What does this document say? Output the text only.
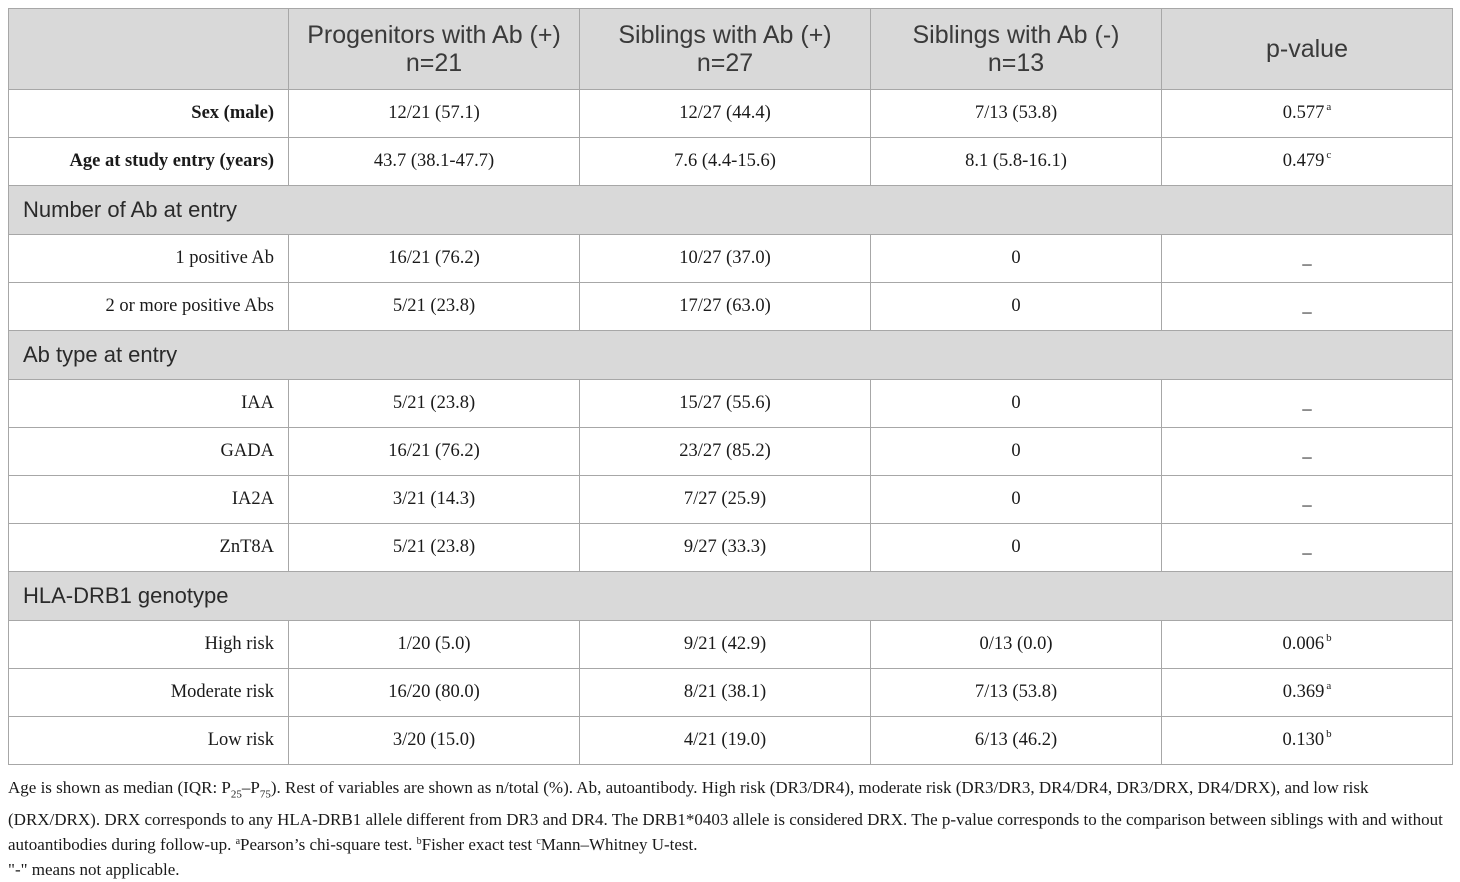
	Progenitors with Ab (+) n=21	Siblings with Ab (+) n=27	Siblings with Ab (-) n=13	p-value
Sex (male)	12/21 (57.1)	12/27 (44.4)	7/13 (53.8)	0.577 $^a$
Age at study entry (years)	43.7 (38.1-47.7)	7.6 (4.4-15.6)	8.1 (5.8-16.1)	0.479 $^c$
Number of Ab at entry				
1 positive Ab	16/21 (76.2)	10/27 (37.0)	0	_
2 or more positive Abs	5/21 (23.8)	17/27 (63.0)	0	_
Ab type at entry				
IAA	5/21 (23.8)	15/27 (55.6)	0	_
GADA	16/21 (76.2)	23/27 (85.2)	0	_
IA2A	3/21 (14.3)	7/27 (25.9)	0	_
ZnT8A	5/21 (23.8)	9/27 (33.3)	0	_
HLA-DRB1 genotype				
High risk	1/20 (5.0)	9/21 (42.9)	0/13 (0.0)	0.006 $^b$
Moderate risk	16/20 (80.0)	8/21 (38.1)	7/13 (53.8)	0.369 $^a$
Low risk	3/20 (15.0)	4/21 (19.0)	6/13 (46.2)	0.130 $^b$
Age is shown as median (IQR: $P_{25}-P_{75}$). Rest of variables are shown as n/total (%). Ab, autoantibody. High risk (DR3/DR4), moderate risk (DR3/DR3, DR4/DR4, DR3/DRX, DR4/DRX), and low risk (DRX/DRX). DRX corresponds to any HLA-DRB1 allele different from DR3 and DR4. The DRB1*0403 allele is considered DRX. The p-value corresponds to the comparison between siblings with and without autoantibodies during follow-up. $^a$Pearson’s chi-square test. $^b$Fisher exact test $^c$Mann–Whitney U-test.
"-" means not applicable.
